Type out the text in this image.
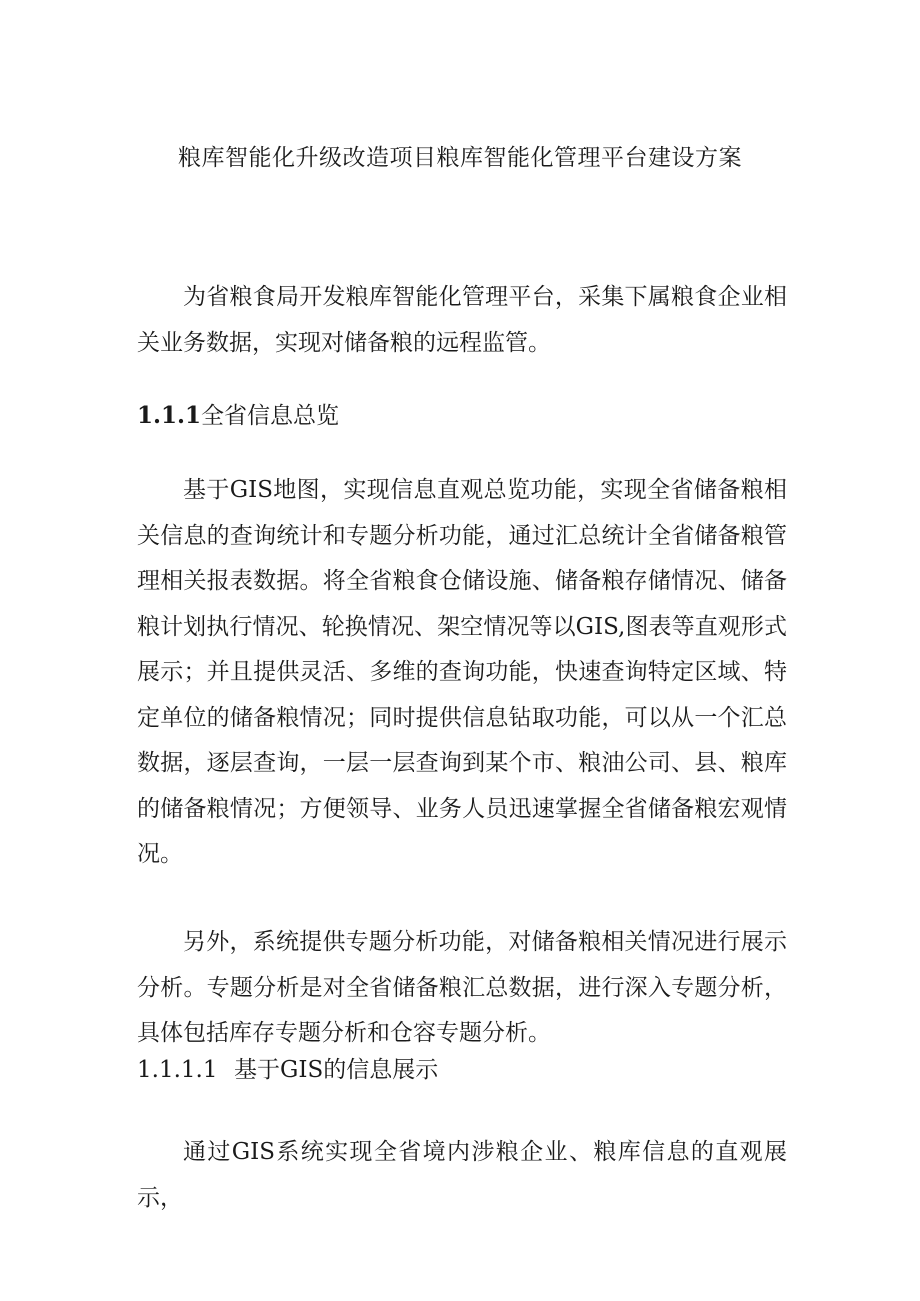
粮库智能化升级改造项目粮库智能化管理平台建设方案

为省粮食局开发粮库智能化管理平台，采集下属粮食企业相关业务数据，实现对储备粮的远程监管。

1.1.1全省信息总览

基于GIS地图，实现信息直观总览功能，实现全省储备粮相关信息的查询统计和专题分析功能，通过汇总统计全省储备粮管理相关报表数据。将全省粮食仓储设施、储备粮存储情况、储备粮计划执行情况、轮换情况、架空情况等以GIS,图表等直观形式展示；并且提供灵活、多维的查询功能，快速查询特定区域、特定单位的储备粮情况；同时提供信息钻取功能，可以从一个汇总数据，逐层查询，一层一层查询到某个市、粮油公司、县、粮库的储备粮情况；方便领导、业务人员迅速掌握全省储备粮宏观情况。

另外，系统提供专题分析功能，对储备粮相关情况进行展示分析。专题分析是对全省储备粮汇总数据，进行深入专题分析，具体包括库存专题分析和仓容专题分析。

1.1.1.1 基于GIS的信息展示

通过GIS系统实现全省境内涉粮企业、粮库信息的直观展示，
